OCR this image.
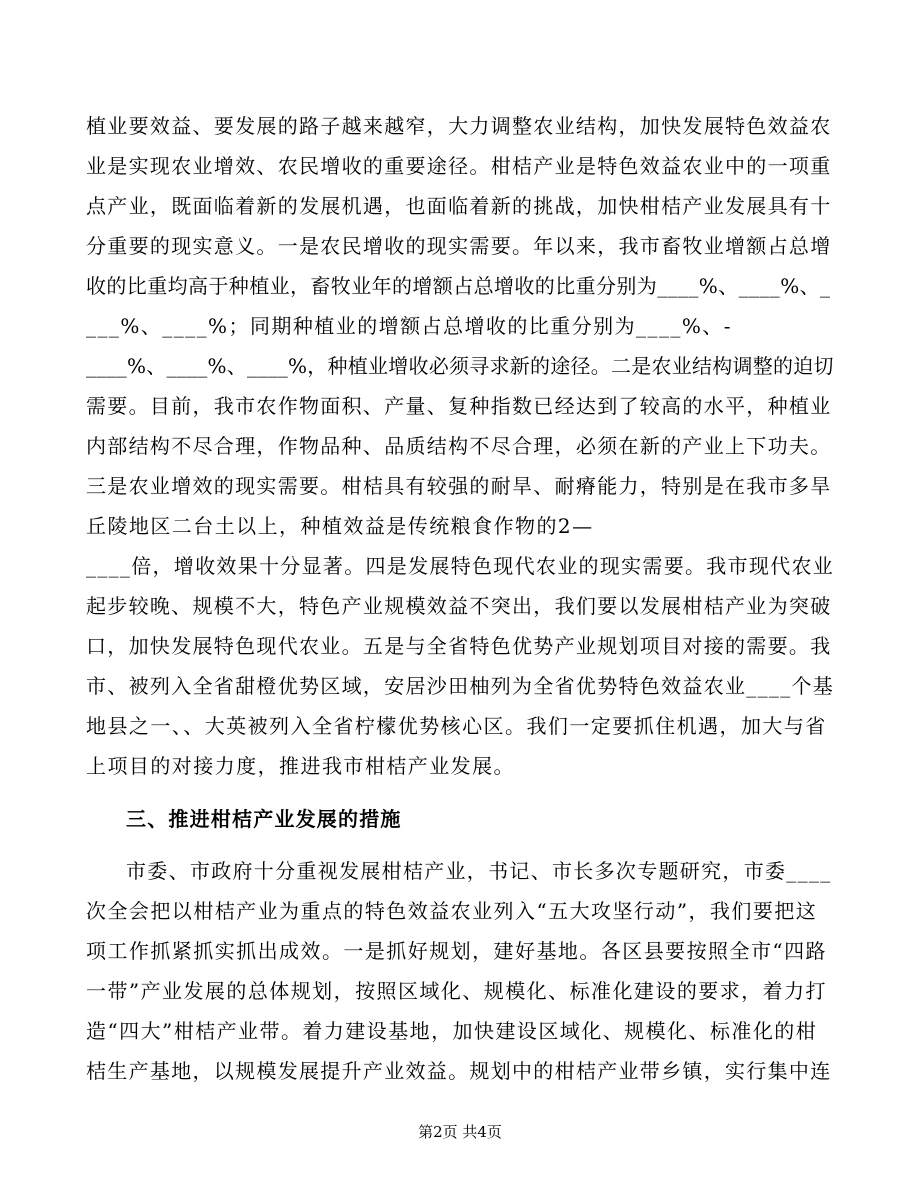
植业要效益、要发展的路子越来越窄，大力调整农业结构，加快发展特色效益农
业是实现农业增效、农民增收的重要途径。柑桔产业是特色效益农业中的一项重
点产业，既面临着新的发展机遇，也面临着新的挑战，加快柑桔产业发展具有十
分重要的现实意义。一是农民增收的现实需要。年以来，我市畜牧业增额占总增
收的比重均高于种植业，畜牧业年的增额占总增收的比重分别为____%、____%、_
___%、____%；同期种植业的增额占总增收的比重分别为____%、-
____%、____%、____%，种植业增收必须寻求新的途径。二是农业结构调整的迫切
需要。目前，我市农作物面积、产量、复种指数已经达到了较高的水平，种植业
内部结构不尽合理，作物品种、品质结构不尽合理，必须在新的产业上下功夫。
三是农业增效的现实需要。柑桔具有较强的耐旱、耐瘠能力，特别是在我市多旱
丘陵地区二台土以上，种植效益是传统粮食作物的2—
____倍，增收效果十分显著。四是发展特色现代农业的现实需要。我市现代农业
起步较晚、规模不大，特色产业规模效益不突出，我们要以发展柑桔产业为突破
口，加快发展特色现代农业。五是与全省特色优势产业规划项目对接的需要。我
市、被列入全省甜橙优势区域，安居沙田柚列为全省优势特色效益农业____个基
地县之一、、大英被列入全省柠檬优势核心区。我们一定要抓住机遇，加大与省
上项目的对接力度，推进我市柑桔产业发展。
三、推进柑桔产业发展的措施
市委、市政府十分重视发展柑桔产业，书记、市长多次专题研究，市委____
次全会把以柑桔产业为重点的特色效益农业列入“五大攻坚行动”，我们要把这
项工作抓紧抓实抓出成效。一是抓好规划，建好基地。各区县要按照全市“四路
一带”产业发展的总体规划，按照区域化、规模化、标准化建设的要求，着力打
造“四大”柑桔产业带。着力建设基地，加快建设区域化、规模化、标准化的柑
桔生产基地，以规模发展提升产业效益。规划中的柑桔产业带乡镇，实行集中连
第2页 共4页
